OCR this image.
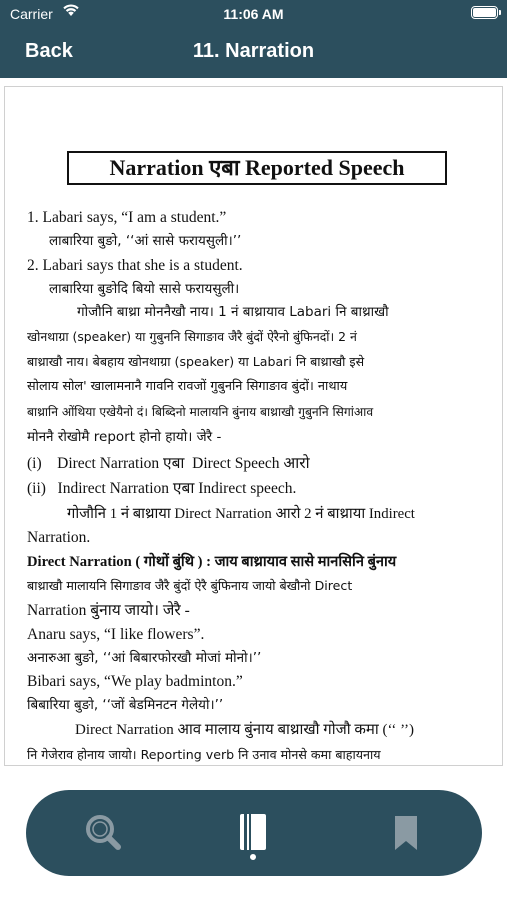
Carrier	11:06 AM
Back	11. Narration
Narration एबा Reported Speech
1. Labari says, “I am a student.”
लाबारिया बुङो, ‘‘आं सासे फरायसुली।’’
2. Labari says that she is a student.
लाबारिया बुङोदि बियो सासे फरायसुली।
गोजौनि बाथ्रा मोननैखौ नाय। 1 नं बाथ्रायाव Labari नि बाथ्राखौ
खोनथाग्रा (speaker) या गुबुननि सिगाङाव जैरै बुंदों ऐरैनो बुंफिनदों। 2 नं
बाथ्राखौ नाय। बेबहाय खोनथाग्रा (speaker) या Labari नि बाथ्राखौ इसे
सोलाय सोल' खालामनानै गावनि रावजों गुबुननि सिगाङाव बुंदों। नाथाय
बाथ्रानि ओंथिया एखेयैनो दं। बिब्दिनो मालायनि बुंनाय बाथ्राखौ गुबुननि सिगांआव
मोननै रोखोमै report होनो हायो। जेरै -
(i)    Direct Narration एबा  Direct Speech आरो
(ii)   Indirect Narration एबा Indirect speech.
गोजौनि 1 नं बाथ्राया Direct Narration आरो 2 नं बाथ्राया Indirect
Narration.
Direct Narration ( गोथों बुंथि ) : जाय बाथ्रायाव सासे मानसिनि बुंनाय
बाथ्राखौ मालायनि सिगाङाव जैरै बुंदों ऐरै बुंफिनाय जायो बेखौनो Direct
Narration बुंनाय जायो। जेरै -
Anaru says, “I like flowers”.
अनारुआ बुङो, ‘‘आं बिबारफोरखौ मोजां मोनो।’’
Bibari says, “We play badminton.”
बिबारिया बुङो, ‘‘जों बेडमिनटन गेलेयो।’’
Direct Narration आव मालाय बुंनाय बाथ्राखौ गोजौ कमा (‘‘ ’’)
नि गेजेराव होनाय जायो। Reporting verb नि उनाव मोनसे कमा बाहायनाय
